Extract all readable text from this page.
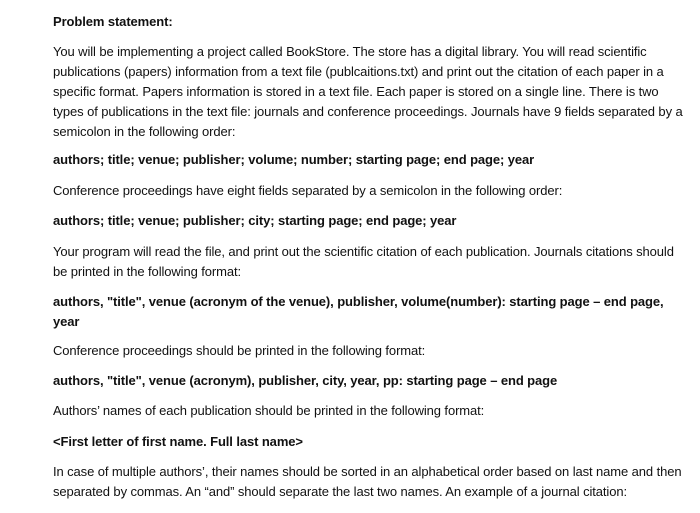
Problem statement:

You will be implementing a project called BookStore. The store has a digital library. You will read scientific publications (papers) information from a text file (publcaitions.txt) and print out the citation of each paper in a specific format. Papers information is stored in a text file. Each paper is stored on a single line. There is two types of publications in the text file: journals and conference proceedings. Journals have 9 fields separated by a semicolon in the following order:

authors; title; venue; publisher; volume; number; starting page; end page; year

Conference proceedings have eight fields separated by a semicolon in the following order:

authors; title; venue; publisher; city; starting page; end page; year

Your program will read the file, and print out the scientific citation of each publication. Journals citations should be printed in the following format:

authors, "title", venue (acronym of the venue), publisher, volume(number): starting page – end page, year

Conference proceedings should be printed in the following format:

authors, "title", venue (acronym), publisher, city, year, pp: starting page – end page

Authors’ names of each publication should be printed in the following format:

<First letter of first name. Full last name>

In case of multiple authors’, their names should be sorted in an alphabetical order based on last name and then separated by commas. An “and” should separate the last two names. An example of a journal citation:
